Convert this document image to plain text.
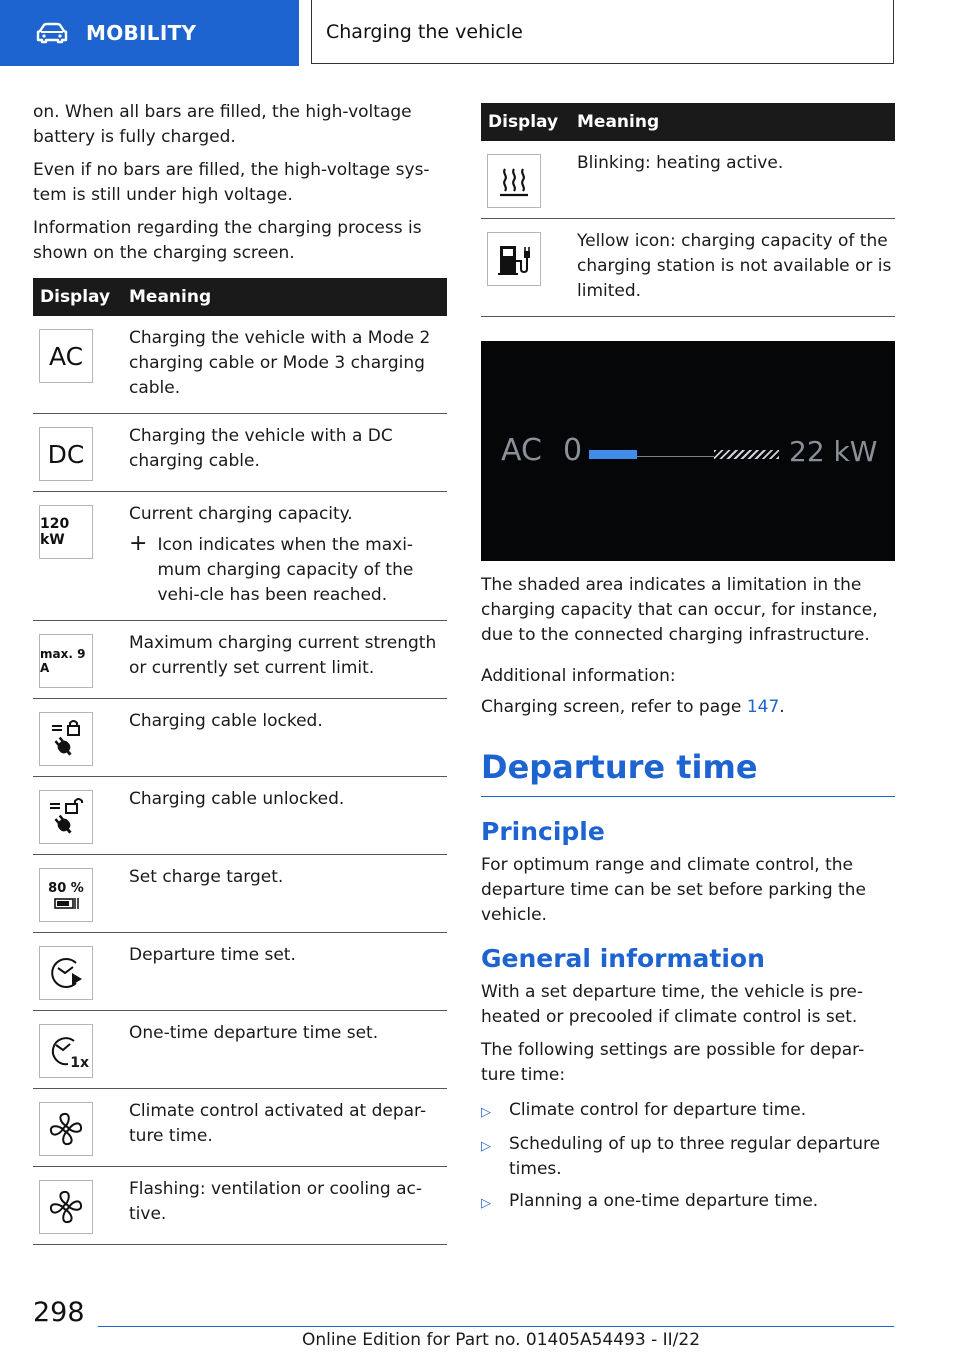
MOBILITY	Charging the vehicle

on. When all bars are filled, the high-voltage battery is fully charged.

Even if no bars are filled, the high-voltage sys-tem is still under high voltage.

Information regarding the charging process is shown on the charging screen.

Display	Meaning

AC	Charging the vehicle with a Mode 2 charging cable or Mode 3 charging cable.

DC	Charging the vehicle with a DC charging cable.

120 kW	Current charging capacity.
+ Icon indicates when the maxi-mum charging capacity of the vehi-cle has been reached.

max. 9 A	Maximum charging current strength or currently set current limit.

	Charging cable locked.

	Charging cable unlocked.

80 %	Set charge target.

	Departure time set.

1x	One-time departure time set.

	Climate control activated at depar-ture time.

	Flashing: ventilation or cooling ac-tive.
Display	Meaning

	Blinking: heating active.

	Yellow icon: charging capacity of the charging station is not available or is limited.
AC 0	22 kW

The shaded area indicates a limitation in the charging capacity that can occur, for instance, due to the connected charging infrastructure.

Additional information:

Charging screen, refer to page 147.

Departure time
Principle

For optimum range and climate control, the departure time can be set before parking the vehicle.

General information

With a set departure time, the vehicle is pre-heated or precooled if climate control is set.

The following settings are possible for depar-ture time:

▷	Climate control for departure time.
▷	Scheduling of up to three regular departure times.
▷	Planning a one-time departure time.
298
Online Edition for Part no. 01405A54493 - II/22
